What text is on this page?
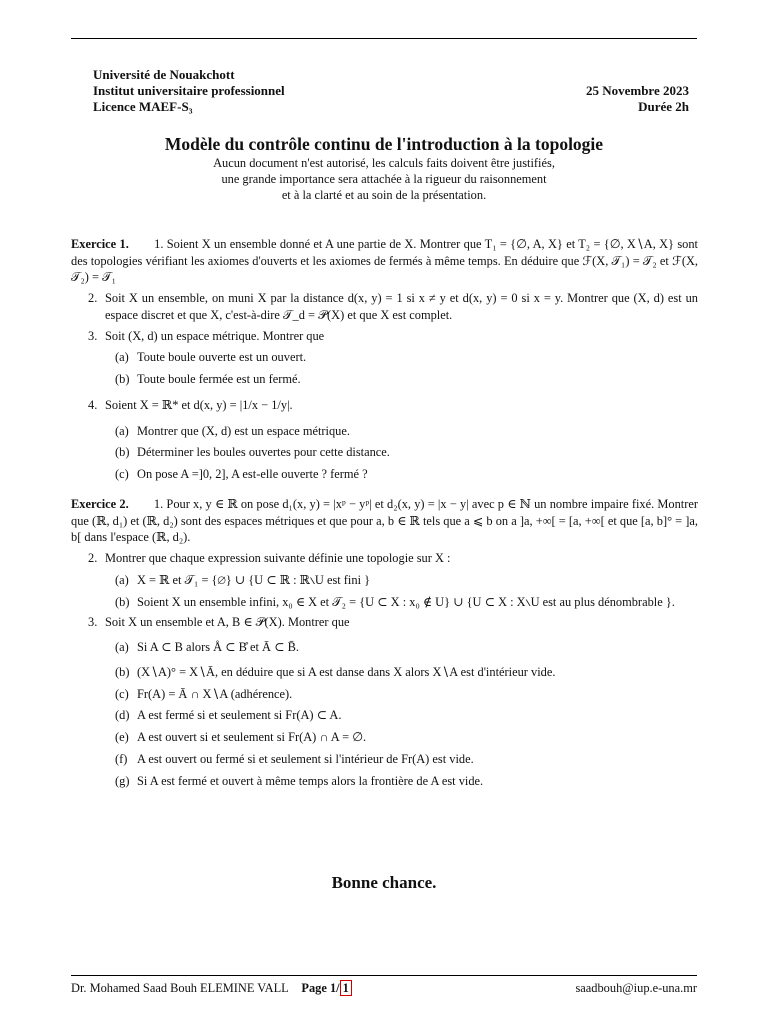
Université de Nouakchott
Institut universitaire professionnel
Licence MAEF-S₃
25 Novembre 2023
Durée 2h
Modèle du contrôle continu de l'introduction à la topologie
Aucun document n'est autorisé, les calculs faits doivent être justifiés,
une grande importance sera attachée à la rigueur du raisonnement
et à la clarté et au soin de la présentation.

Exercice 1. 1. Soient X un ensemble donné et A une partie de X. Montrer que T₁ = {∅, A, X} et T₂ = {∅, X∖A, X} sont des topologies vérifiant les axiomes d'ouverts et les axiomes de fermés à même temps. En déduire que ℱ(X, 𝒯₁) = 𝒯₂ et ℱ(X, 𝒯₂) = 𝒯₁

2. Soit X un ensemble, on muni X par la distance d(x, y) = 1 si x ≠ y et d(x, y) = 0 si x = y. Montrer que (X, d) est un espace discret et que X, c'est-à-dire 𝒯_d = 𝒫(X) et que X est complet.
3. Soit (X, d) un espace métrique. Montrer que
(a) Toute boule ouverte est un ouvert.
(b) Toute boule fermée est un fermé.
4. Soient X = ℝ* et d(x, y) = |1/x − 1/y|.
(a) Montrer que (X, d) est un espace métrique.
(b) Déterminer les boules ouvertes pour cette distance.
(c) On pose A =]0, 2], A est-elle ouverte ? fermé ?

Exercice 2. 1. Pour x, y ∈ ℝ on pose d₁(x, y) = |xᵖ − yᵖ| et d₂(x, y) = |x − y| avec p ∈ ℕ un nombre impaire fixé. Montrer que (ℝ, d₁) et (ℝ, d₂) sont des espaces métriques et que pour a, b ∈ ℝ tels que a ⩽ b on a ]a, +∞[ = [a, +∞[ et que [a, b]° = ]a, b[ dans l'espace (ℝ, d₂).

2. Montrer que chaque expression suivante définie une topologie sur X :
(a) X = ℝ et 𝒯₁ = {∅} ∪ {U ⊂ ℝ : ℝ∖U est fini }
(b) Soient X un ensemble infini, x₀ ∈ X et 𝒯₂ = {U ⊂ X : x₀ ∉ U} ∪ {U ⊂ X : X∖U est au plus dénombrable }.
3. Soit X un ensemble et A, B ∈ 𝒫(X). Montrer que
(a) Si A ⊂ B alors Å ⊂ B̊ et Ā ⊂ B̄.
(b) (X∖A)° = X∖Ā, en déduire que si A est danse dans X alors X∖A est d'intérieur vide.
(c) Fr(A) = Ā ∩ X∖A (adhérence).
(d) A est fermé si et seulement si Fr(A) ⊂ A.
(e) A est ouvert si et seulement si Fr(A) ∩ A = ∅.
(f) A est ouvert ou fermé si et seulement si l'intérieur de Fr(A) est vide.
(g) Si A est fermé et ouvert à même temps alors la frontière de A est vide.
Bonne chance.
Dr. Mohamed Saad Bouh ELEMINE VALL Page 1/ 1	saadbouh@iup.e-una.mr
